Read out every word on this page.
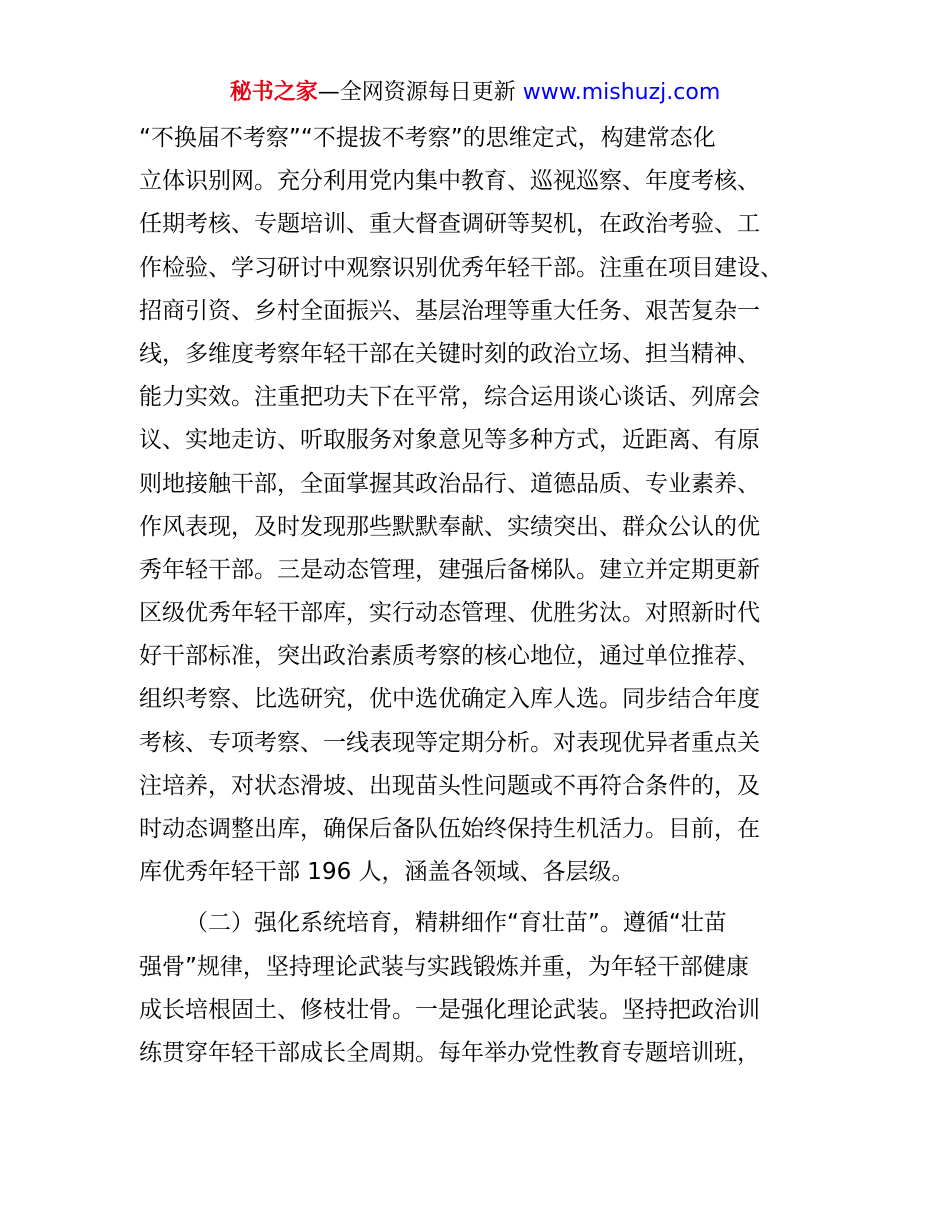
秘书之家—全网资源每日更新 www.mishuzj.com
“不换届不考察”“不提拔不考察”的思维定式，构建常态化
立体识别网。充分利用党内集中教育、巡视巡察、年度考核、
任期考核、专题培训、重大督查调研等契机，在政治考验、工
作检验、学习研讨中观察识别优秀年轻干部。注重在项目建设、
招商引资、乡村全面振兴、基层治理等重大任务、艰苦复杂一
线，多维度考察年轻干部在关键时刻的政治立场、担当精神、
能力实效。注重把功夫下在平常，综合运用谈心谈话、列席会
议、实地走访、听取服务对象意见等多种方式，近距离、有原
则地接触干部，全面掌握其政治品行、道德品质、专业素养、
作风表现，及时发现那些默默奉献、实绩突出、群众公认的优
秀年轻干部。三是动态管理，建强后备梯队。建立并定期更新
区级优秀年轻干部库，实行动态管理、优胜劣汰。对照新时代
好干部标准，突出政治素质考察的核心地位，通过单位推荐、
组织考察、比选研究，优中选优确定入库人选。同步结合年度
考核、专项考察、一线表现等定期分析。对表现优异者重点关
注培养，对状态滑坡、出现苗头性问题或不再符合条件的，及
时动态调整出库，确保后备队伍始终保持生机活力。目前，在
库优秀年轻干部 196 人，涵盖各领域、各层级。
（二）强化系统培育，精耕细作“育壮苗”。遵循“壮苗
强骨”规律，坚持理论武装与实践锻炼并重，为年轻干部健康
成长培根固土、修枝壮骨。一是强化理论武装。坚持把政治训
练贯穿年轻干部成长全周期。每年举办党性教育专题培训班，
